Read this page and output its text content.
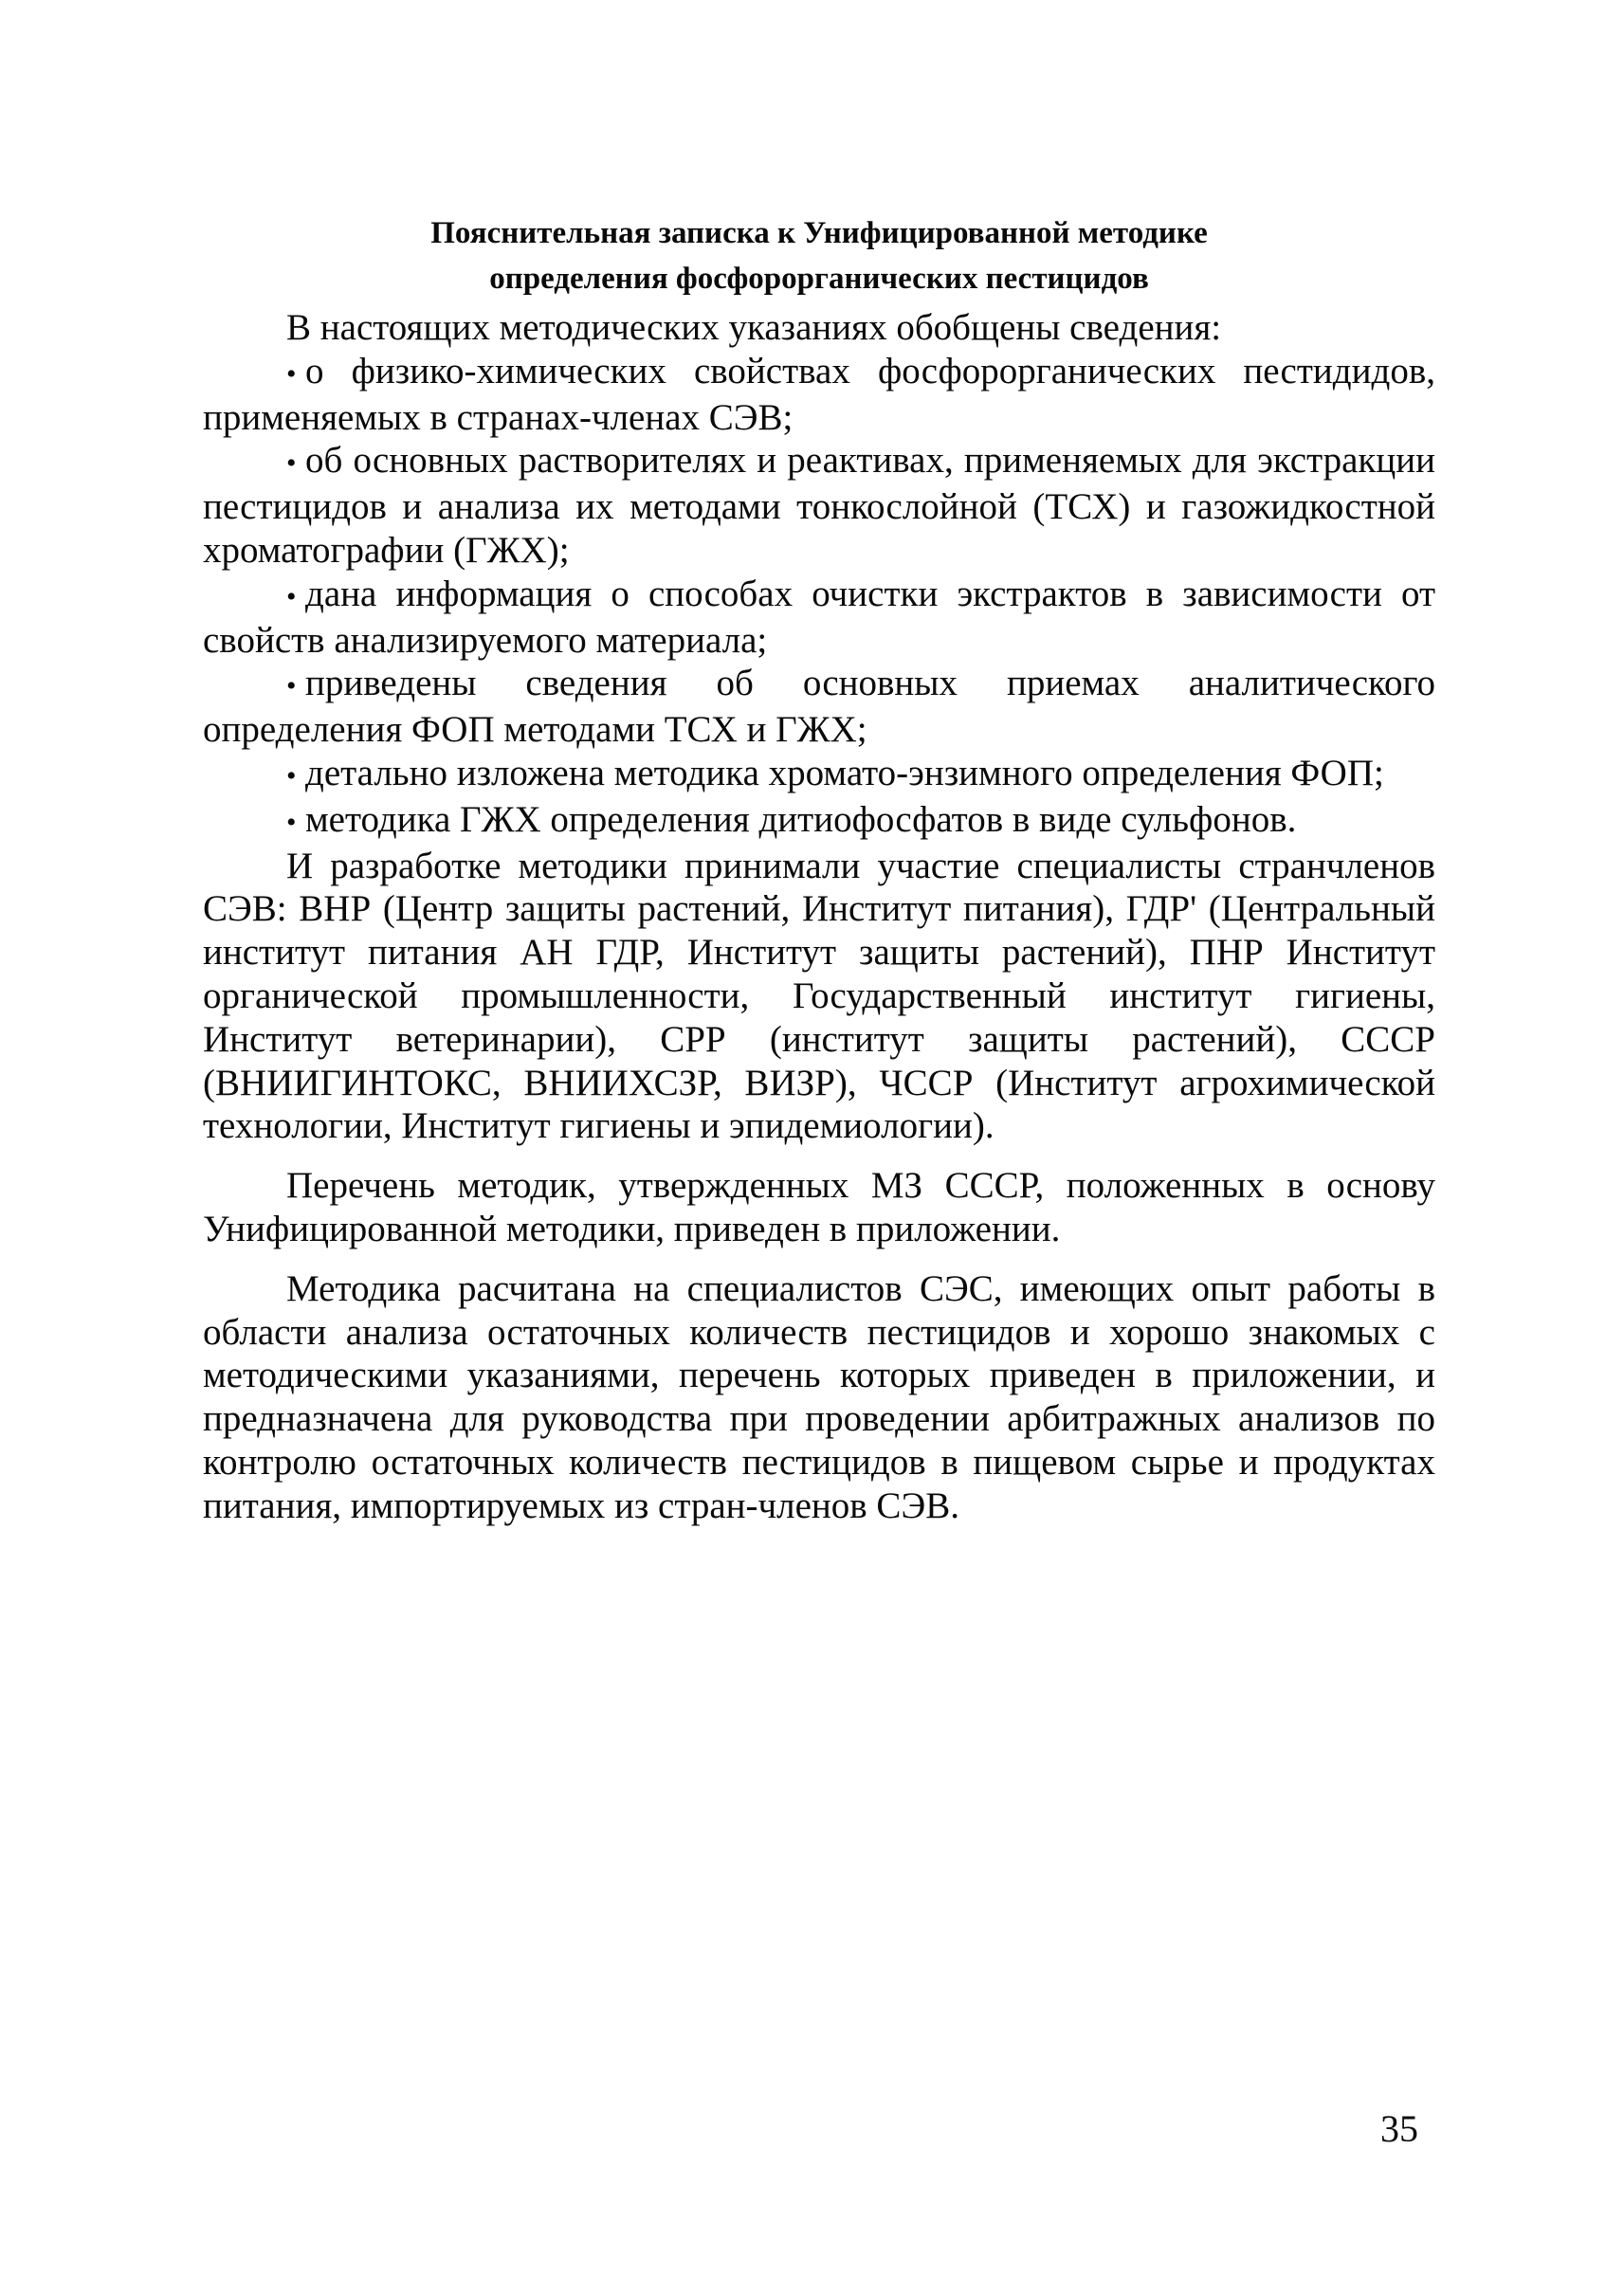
Пояснительная записка к Унифицированной методике
определения фосфорорганических пестицидов

В настоящих методических указаниях обобщены сведения:

• о физико-химических свойствах фосфорорганических пестидидов, применяемых в странах-членах СЭВ;

• об основных растворителях и реактивах, применяемых для экстракции пестицидов и анализа их методами тонкослойной (ТСХ) и газожидкостной хроматографии (ГЖХ);

• дана информация о способах очистки экстрактов в зависимости от свойств анализируемого материала;

• приведены сведения об основных приемах аналитического определения ФОП методами ТСХ и ГЖХ;

• детально изложена методика хромато-энзимного определения ФОП;

• методика ГЖХ определения дитиофосфатов в виде сульфонов.

И разработке методики принимали участие специалисты странчленов СЭВ: ВНР (Центр защиты растений, Институт питания), ГДР' (Центральный институт питания АН ГДР, Институт защиты растений), ПНР Институт органической промышленности, Государственный институт гигиены, Институт ветеринарии), СРР (институт защиты растений), СССР (ВНИИГИНТОКС, ВНИИХСЗР, ВИЗР), ЧССР (Институт агрохимической технологии, Институт гигиены и эпидемиологии).

Перечень методик, утвержденных МЗ СССР, положенных в основу Унифицированной методики, приведен в приложении.

Методика расчитана на специалистов СЭС, имеющих опыт работы в области анализа остаточных количеств пестицидов и хорошо знакомых с методическими указаниями, перечень которых приведен в приложении, и предназначена для руководства при проведении арбитражных анализов по контролю остаточных количеств пестицидов в пищевом сырье и продуктах питания, импортируемых из стран-членов СЭВ.

35
